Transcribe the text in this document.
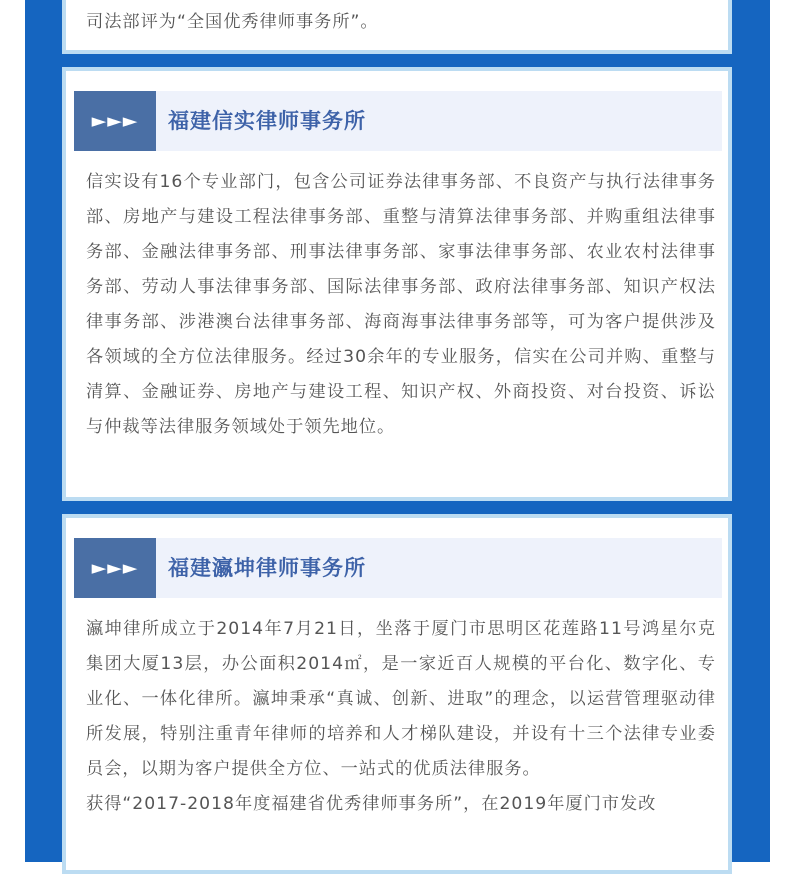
司法部评为“全国优秀律师事务所”。
►►►	福建信实律师事务所

信实设有16个专业部门，包含公司证券法律事务部、不良资产与执行法律事务部、房地产与建设工程法律事务部、重整与清算法律事务部、并购重组法律事务部、金融法律事务部、刑事法律事务部、家事法律事务部、农业农村法律事务部、劳动人事法律事务部、国际法律事务部、政府法律事务部、知识产权法律事务部、涉港澳台法律事务部、海商海事法律事务部等，可为客户提供涉及各领域的全方位法律服务。经过30余年的专业服务，信实在公司并购、重整与清算、金融证券、房地产与建设工程、知识产权、外商投资、对台投资、诉讼与仲裁等法律服务领域处于领先地位。

►►►	福建瀛坤律师事务所

瀛坤律所成立于2014年7月21日，坐落于厦门市思明区花莲路11号鸿星尔克集团大厦13层，办公面积2014㎡，是一家近百人规模的平台化、数字化、专业化、一体化律所。瀛坤秉承“真诚、创新、进取”的理念，以运营管理驱动律所发展，特别注重青年律师的培养和人才梯队建设，并设有十三个法律专业委员会，以期为客户提供全方位、一站式的优质法律服务。

获得“2017-2018年度福建省优秀律师事务所”，在2019年厦门市发改
